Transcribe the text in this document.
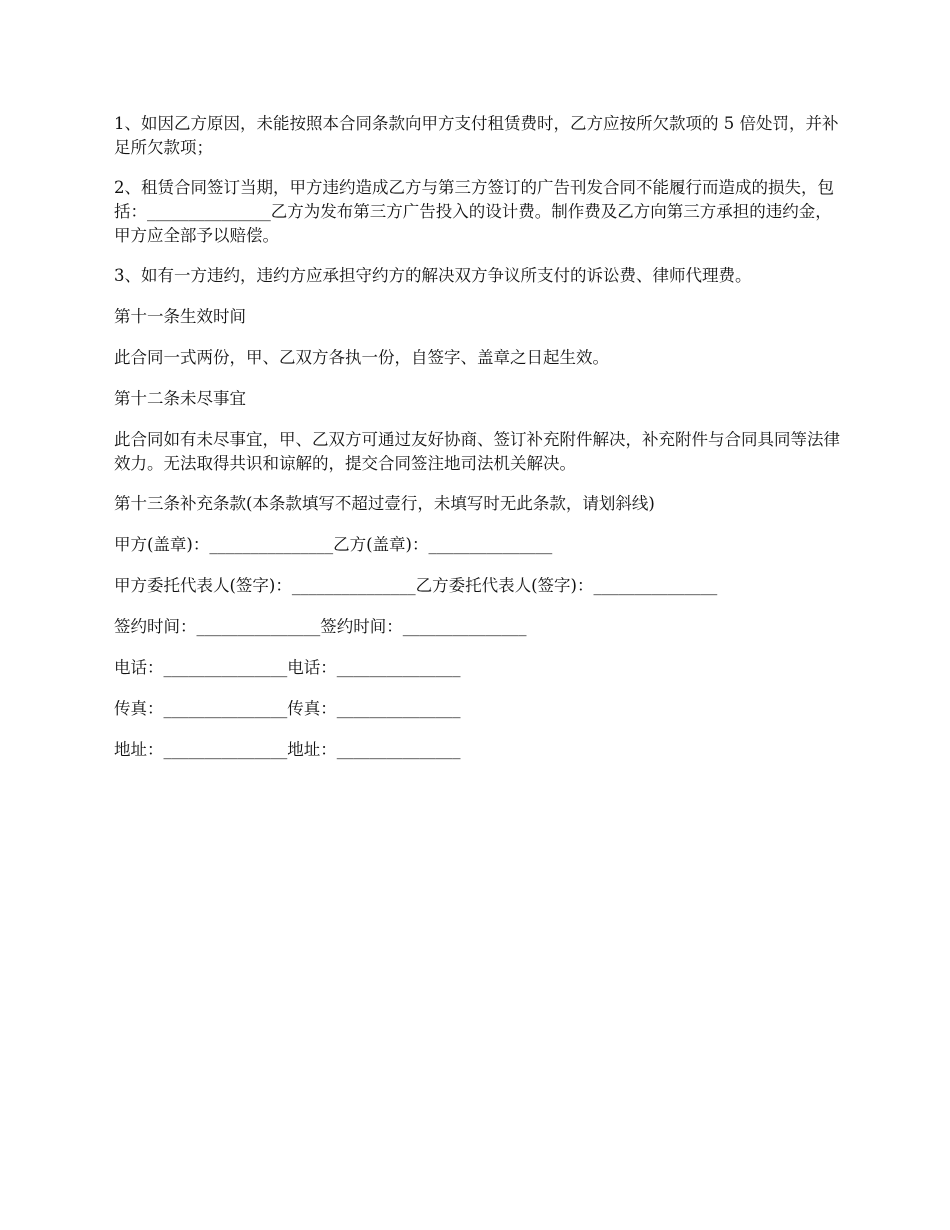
1、如因乙方原因，未能按照本合同条款向甲方支付租赁费时，乙方应按所欠款项的 5 倍处罚，并补足所欠款项；

2、租赁合同签订当期，甲方违约造成乙方与第三方签订的广告刊发合同不能履行而造成的损失，包括：_______________乙方为发布第三方广告投入的设计费。制作费及乙方向第三方承担的违约金，甲方应全部予以赔偿。

3、如有一方违约，违约方应承担守约方的解决双方争议所支付的诉讼费、律师代理费。

第十一条生效时间

此合同一式两份，甲、乙双方各执一份，自签字、盖章之日起生效。

第十二条未尽事宜

此合同如有未尽事宜，甲、乙双方可通过友好协商、签订补充附件解决，补充附件与合同具同等法律效力。无法取得共识和谅解的，提交合同签注地司法机关解决。

第十三条补充条款(本条款填写不超过壹行，未填写时无此条款，请划斜线)

甲方(盖章)：_______________乙方(盖章)：_______________

甲方委托代表人(签字)：_______________乙方委托代表人(签字)：_______________

签约时间：_______________签约时间：_______________

电话：_______________电话：_______________

传真：_______________传真：_______________

地址：_______________地址：_______________
